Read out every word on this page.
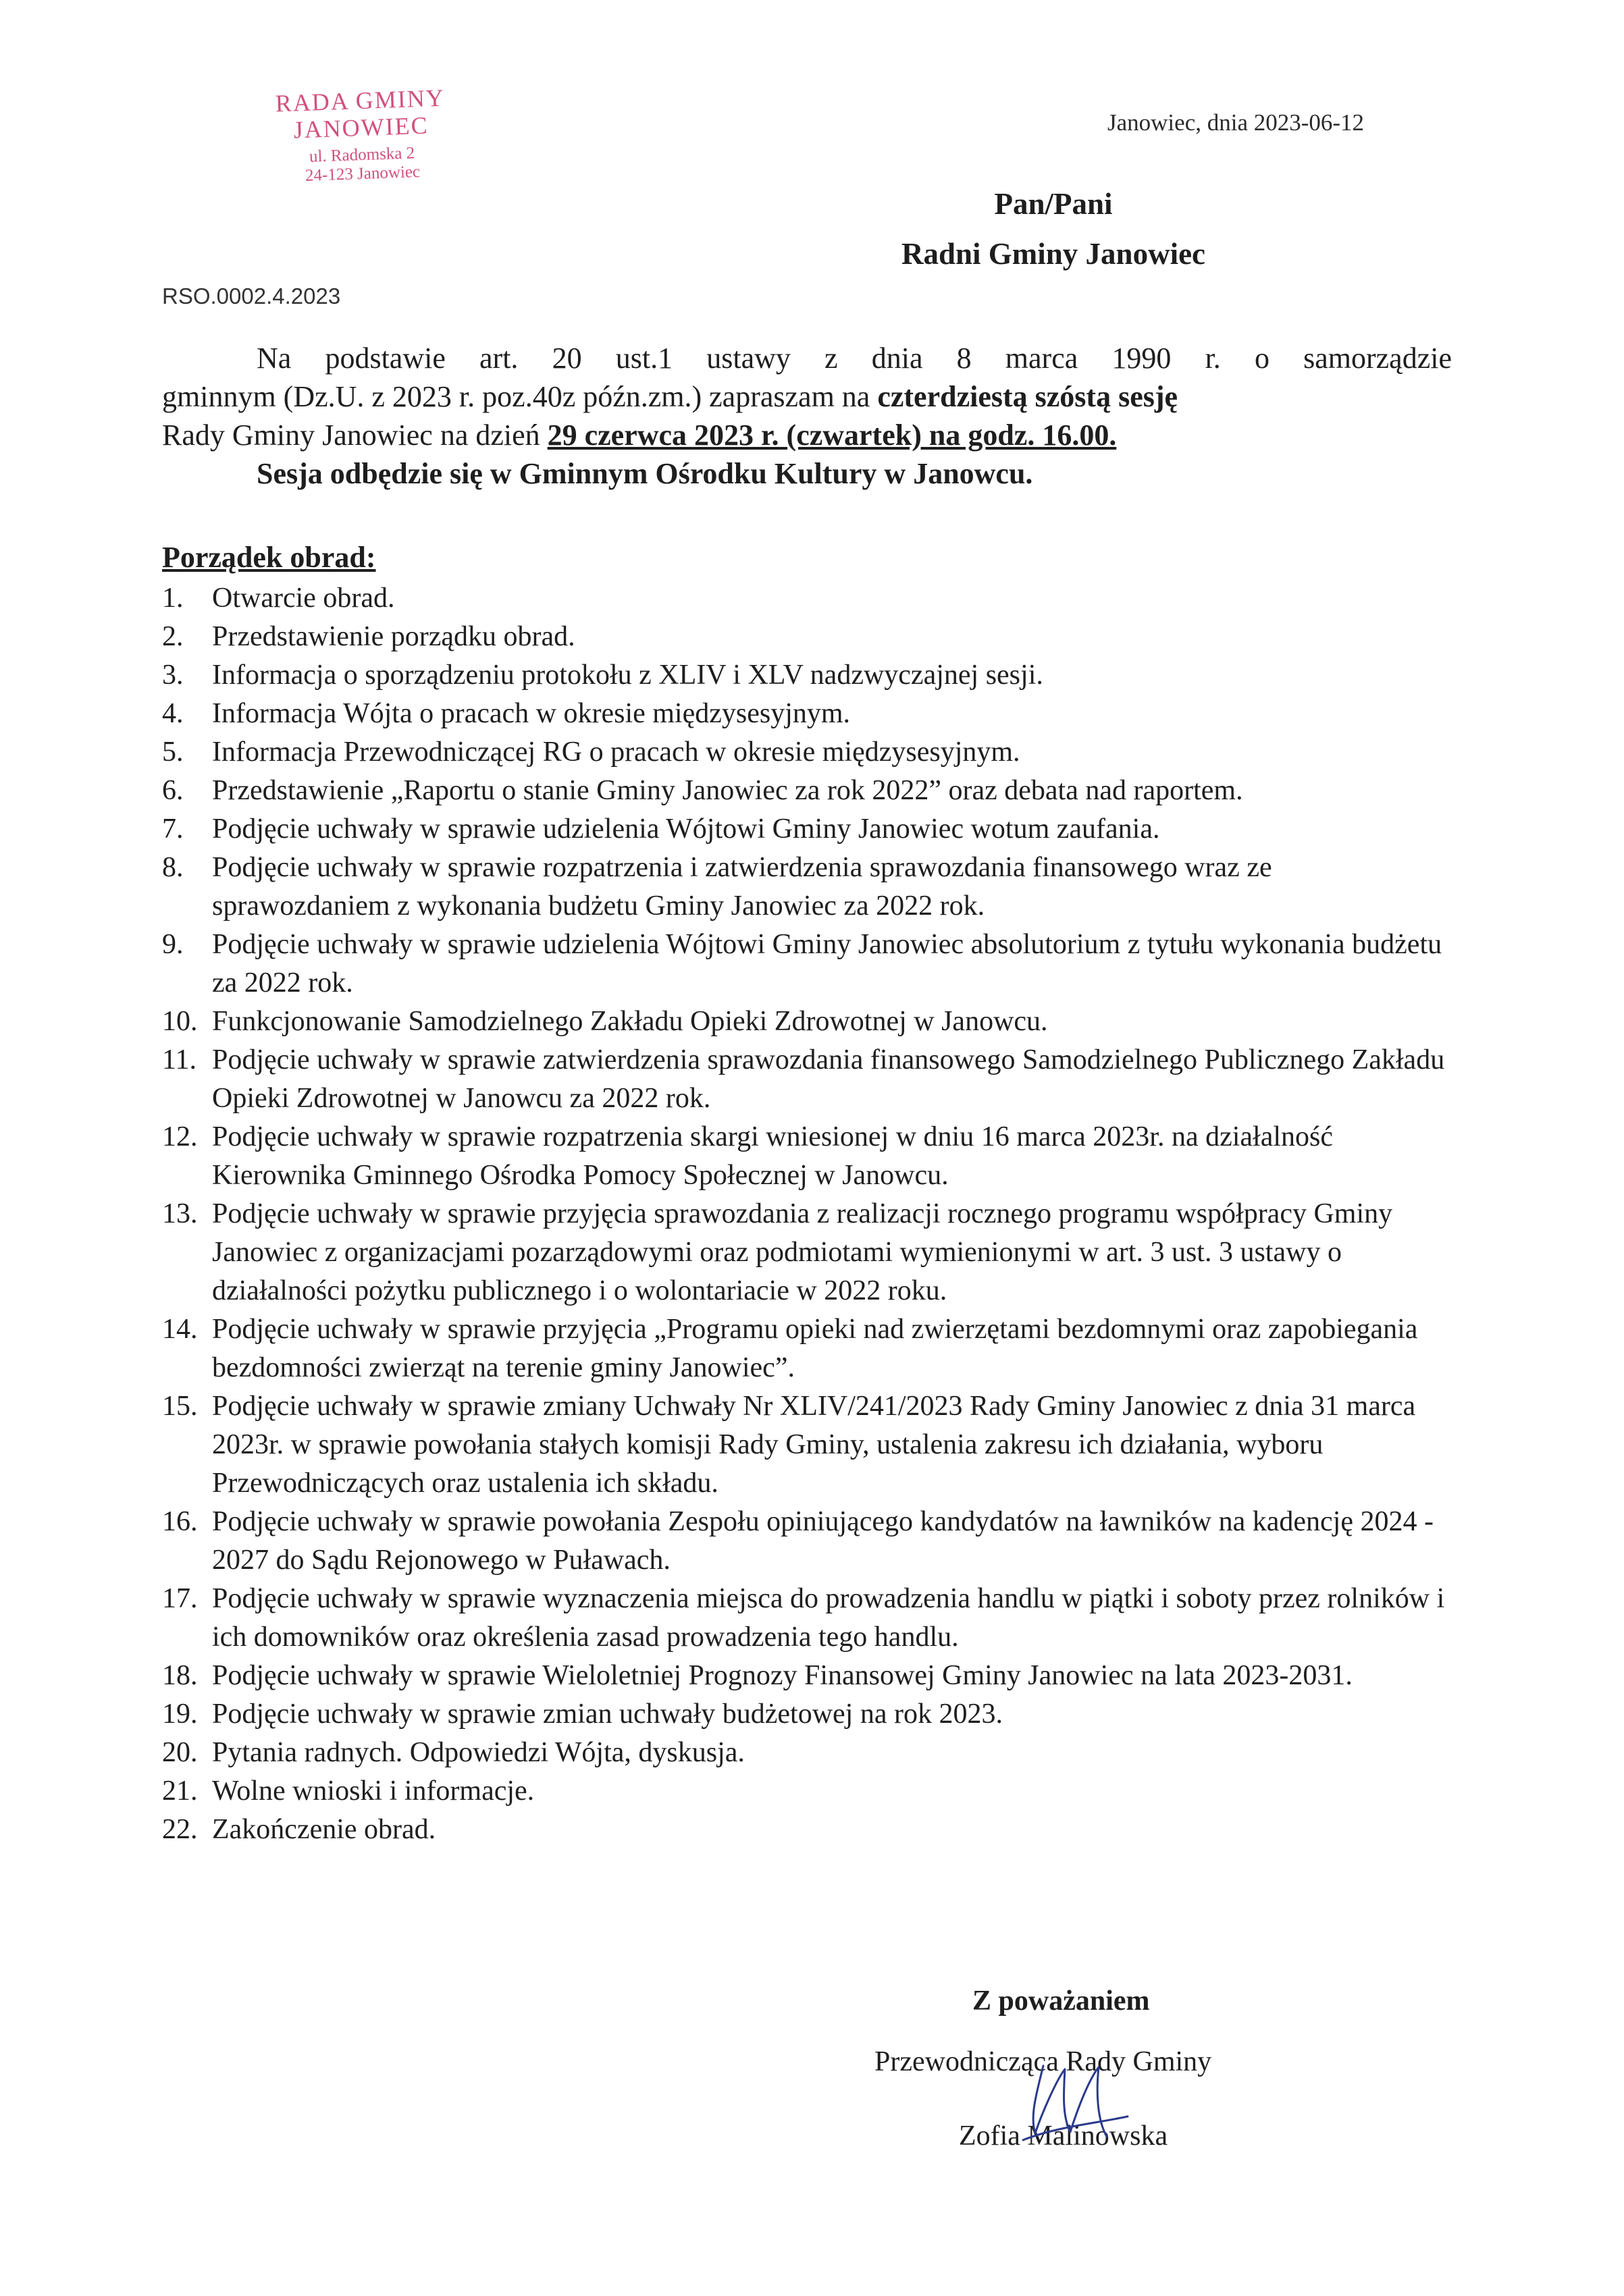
RADA GMINY
JANOWIEC
ul. Radomska 2
24-123 Janowiec
Janowiec, dnia 2023-06-12
Pan/Pani
Radni Gminy Janowiec
RSO.0002.4.2023
Na podstawie art. 20 ust.1 ustawy z dnia 8 marca 1990 r. o samorządzie
gminnym (Dz.U. z 2023 r. poz.40z późn.zm.) zapraszam na czterdziestą szóstą sesję
Rady Gminy Janowiec na dzień 29 czerwca 2023 r. (czwartek) na godz. 16.00.
Sesja odbędzie się w Gminnym Ośrodku Kultury w Janowcu.
Porządek obrad:
1. Otwarcie obrad.
2. Przedstawienie porządku obrad.
3. Informacja o sporządzeniu protokołu z XLIV i XLV nadzwyczajnej sesji.
4. Informacja Wójta o pracach w okresie międzysesyjnym.
5. Informacja Przewodniczącej RG o pracach w okresie międzysesyjnym.
6. Przedstawienie „Raportu o stanie Gminy Janowiec za rok 2022” oraz debata nad raportem.
7. Podjęcie uchwały w sprawie udzielenia Wójtowi Gminy Janowiec wotum zaufania.
8. Podjęcie uchwały w sprawie rozpatrzenia i zatwierdzenia sprawozdania finansowego wraz ze sprawozdaniem z wykonania budżetu Gminy Janowiec za 2022 rok.
9. Podjęcie uchwały w sprawie udzielenia Wójtowi Gminy Janowiec absolutorium z tytułu wykonania budżetu za 2022 rok.
10. Funkcjonowanie Samodzielnego Zakładu Opieki Zdrowotnej w Janowcu.
11. Podjęcie uchwały w sprawie zatwierdzenia sprawozdania finansowego Samodzielnego Publicznego Zakładu Opieki Zdrowotnej w Janowcu za 2022 rok.
12. Podjęcie uchwały w sprawie rozpatrzenia skargi wniesionej w dniu 16 marca 2023r. na działalność Kierownika Gminnego Ośrodka Pomocy Społecznej w Janowcu.
13. Podjęcie uchwały w sprawie przyjęcia sprawozdania z realizacji rocznego programu współpracy Gminy Janowiec z organizacjami pozarządowymi oraz podmiotami wymienionymi w art. 3 ust. 3 ustawy o działalności pożytku publicznego i o wolontariacie w 2022 roku.
14. Podjęcie uchwały w sprawie przyjęcia „Programu opieki nad zwierzętami bezdomnymi oraz zapobiegania bezdomności zwierząt na terenie gminy Janowiec”.
15. Podjęcie uchwały w sprawie zmiany Uchwały Nr XLIV/241/2023 Rady Gminy Janowiec z dnia 31 marca 2023r. w sprawie powołania stałych komisji Rady Gminy, ustalenia zakresu ich działania, wyboru Przewodniczących oraz ustalenia ich składu.
16. Podjęcie uchwały w sprawie powołania Zespołu opiniującego kandydatów na ławników na kadencję 2024 - 2027 do Sądu Rejonowego w Puławach.
17. Podjęcie uchwały w sprawie wyznaczenia miejsca do prowadzenia handlu w piątki i soboty przez rolników i ich domowników oraz określenia zasad prowadzenia tego handlu.
18. Podjęcie uchwały w sprawie Wieloletniej Prognozy Finansowej Gminy Janowiec na lata 2023-2031.
19. Podjęcie uchwały w sprawie zmian uchwały budżetowej na rok 2023.
20. Pytania radnych. Odpowiedzi Wójta, dyskusja.
21. Wolne wnioski i informacje.
22. Zakończenie obrad.
Z poważaniem
Przewodnicząca Rady Gminy
Zofia Malinowska
